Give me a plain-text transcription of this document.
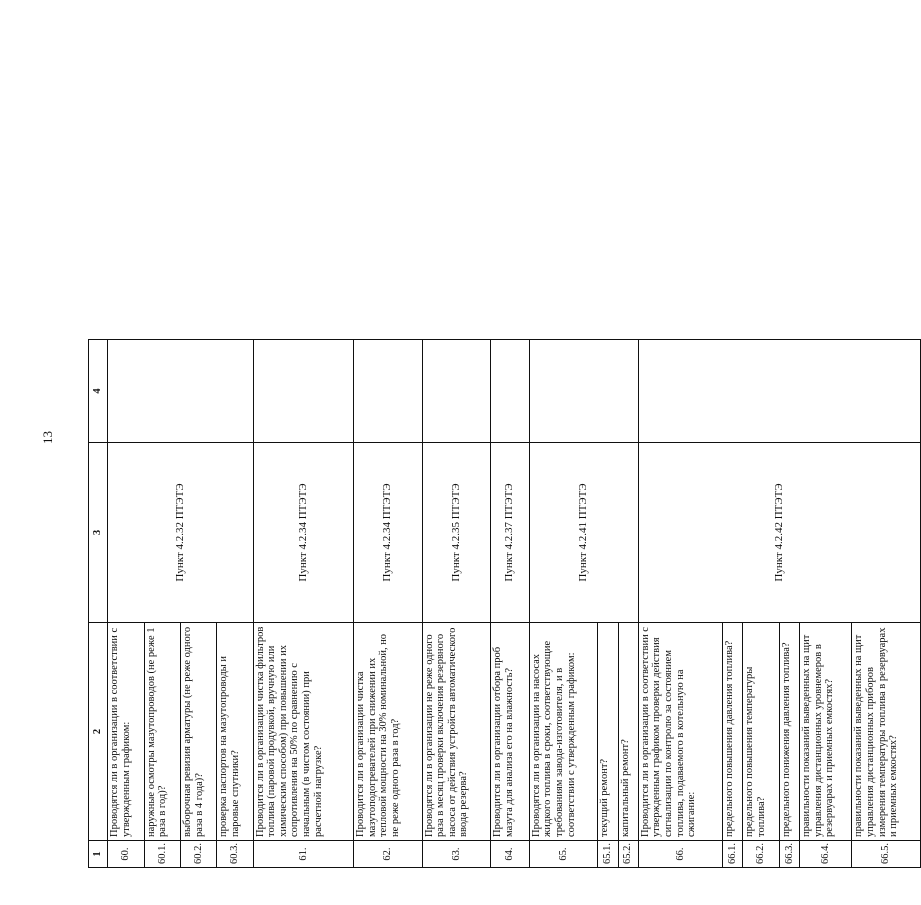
13
1	2	3	4
60.	Проводятся ли в организации в соответствии с утвержденным графиком:	Пункт 4.2.32 ПТЭТЭ	
60.1.	наружные осмотры мазутопроводов (не реже 1 раза в год)?		
60.2.	выборочная ревизия арматуры (не реже одного раза в 4 года)?		
60.3.	проверка паспортов на мазутопроводы и паровые спутники?		
61.	Проводится ли в организации чистка фильтров топлива (паровой продувкой, вручную или химическим способом) при повышении их сопротивления на 50% по сравнению с начальным (в чистом состоянии) при расчетной нагрузке?	Пункт 4.2.34 ПТЭТЭ	
62.	Проводится ли в организации чистка мазутоподогревателей при снижении их тепловой мощности на 30% номинальной, но не реже одного раза в год?	Пункт 4.2.34 ПТЭТЭ	
63.	Проводятся ли в организации не реже одного раза в месяц проверки включения резервного насоса от действия устройств автоматического ввода резерва?	Пункт 4.2.35 ПТЭТЭ	
64.	Проводится ли в организации отбора проб мазута для анализа его на влажность?	Пункт 4.2.37 ПТЭТЭ	
65.	Проводятся ли в организации на насосах жидкого топлива в сроки, соответствующие требованиям завода-изготовителя, и в соответствии с утвержденным графиком:	Пункт 4.2.41 ПТЭТЭ	
65.1.	текущий ремонт?		
65.2.	капитальный ремонт?		
66.	Проводится ли в организации в соответствии с утвержденным графиком проверки действия сигнализации по контролю за состоянием топлива, подаваемого в котельную на сжигание:	Пункт 4.2.42 ПТЭТЭ	
66.1.	предельного повышения давления топлива?		
66.2.	предельного повышения температуры топлива?		
66.3.	предельного понижения давления топлива?		
66.4.	правильности показаний выведенных на щит управления дистанционных уровнемеров в резервуарах и приемных емкостях?		
66.5.	правильности показаний выведенных на щит управления дистанционных приборов измерения температуры топлива в резервуарах и приемных емкостях?		
